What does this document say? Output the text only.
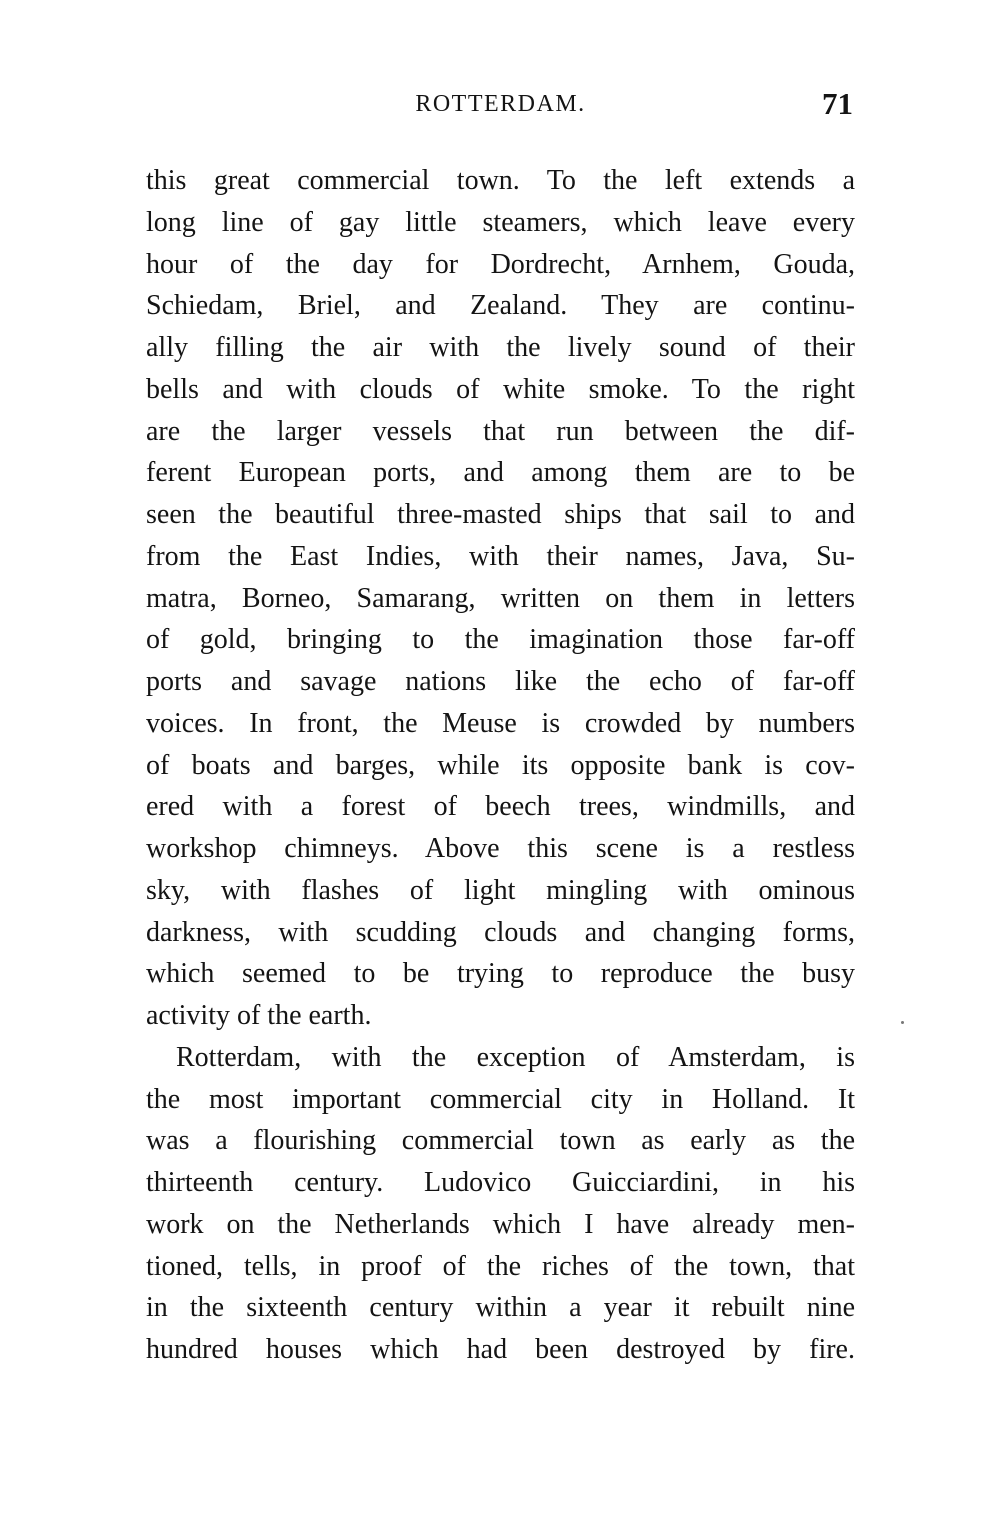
ROTTERDAM.	71
this great commercial town. To the left extends a
long line of gay little steamers, which leave every
hour of the day for Dordrecht, Arnhem, Gouda,
Schiedam, Briel, and Zealand. They are continu-
ally filling the air with the lively sound of their
bells and with clouds of white smoke. To the right
are the larger vessels that run between the dif-
ferent European ports, and among them are to be
seen the beautiful three-masted ships that sail to and
from the East Indies, with their names, Java, Su-
matra, Borneo, Samarang, written on them in letters
of gold, bringing to the imagination those far-off
ports and savage nations like the echo of far-off
voices. In front, the Meuse is crowded by numbers
of boats and barges, while its opposite bank is cov-
ered with a forest of beech trees, windmills, and
workshop chimneys. Above this scene is a restless
sky, with flashes of light mingling with ominous
darkness, with scudding clouds and changing forms,
which seemed to be trying to reproduce the busy
activity of the earth.
Rotterdam, with the exception of Amsterdam, is
the most important commercial city in Holland. It
was a flourishing commercial town as early as the
thirteenth century. Ludovico Guicciardini, in his
work on the Netherlands which I have already men-
tioned, tells, in proof of the riches of the town, that
in the sixteenth century within a year it rebuilt nine
hundred houses which had been destroyed by fire.
